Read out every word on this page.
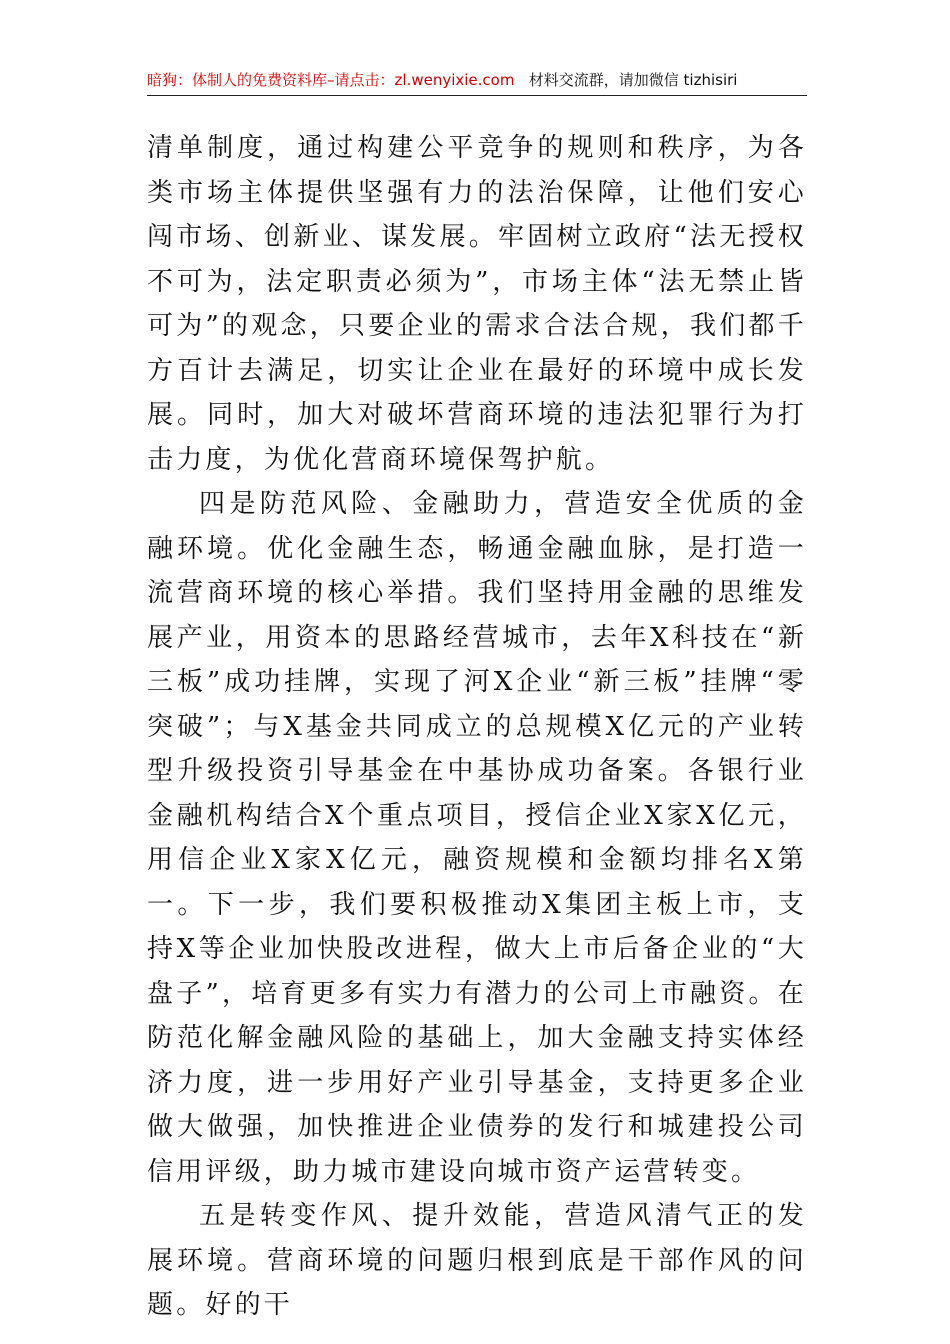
暗狗：体制人的免费资料库–请点击：zl.wenyixie.com 材料交流群，请加微信 tizhisiri

清单制度，通过构建公平竞争的规则和秩序，为各类市场主体提供坚强有力的法治保障，让他们安心闯市场、创新业、谋发展。牢固树立政府“法无授权不可为，法定职责必须为”，市场主体“法无禁止皆可为”的观念，只要企业的需求合法合规，我们都千方百计去满足，切实让企业在最好的环境中成长发展。同时，加大对破坏营商环境的违法犯罪行为打击力度，为优化营商环境保驾护航。

四是防范风险、金融助力，营造安全优质的金融环境。优化金融生态，畅通金融血脉，是打造一流营商环境的核心举措。我们坚持用金融的思维发展产业，用资本的思路经营城市，去年X科技在“新三板”成功挂牌，实现了河X企业“新三板”挂牌“零突破”；与X基金共同成立的总规模X亿元的产业转型升级投资引导基金在中基协成功备案。各银行业金融机构结合X个重点项目，授信企业X家X亿元，用信企业X家X亿元，融资规模和金额均排名X第一。下一步，我们要积极推动X集团主板上市，支持X等企业加快股改进程，做大上市后备企业的“大盘子”，培育更多有实力有潜力的公司上市融资。在防范化解金融风险的基础上，加大金融支持实体经济力度，进一步用好产业引导基金，支持更多企业做大做强，加快推进企业债券的发行和城建投公司信用评级，助力城市建设向城市资产运营转变。

五是转变作风、提升效能，营造风清气正的发展环境。营商环境的问题归根到底是干部作风的问题。好的干
